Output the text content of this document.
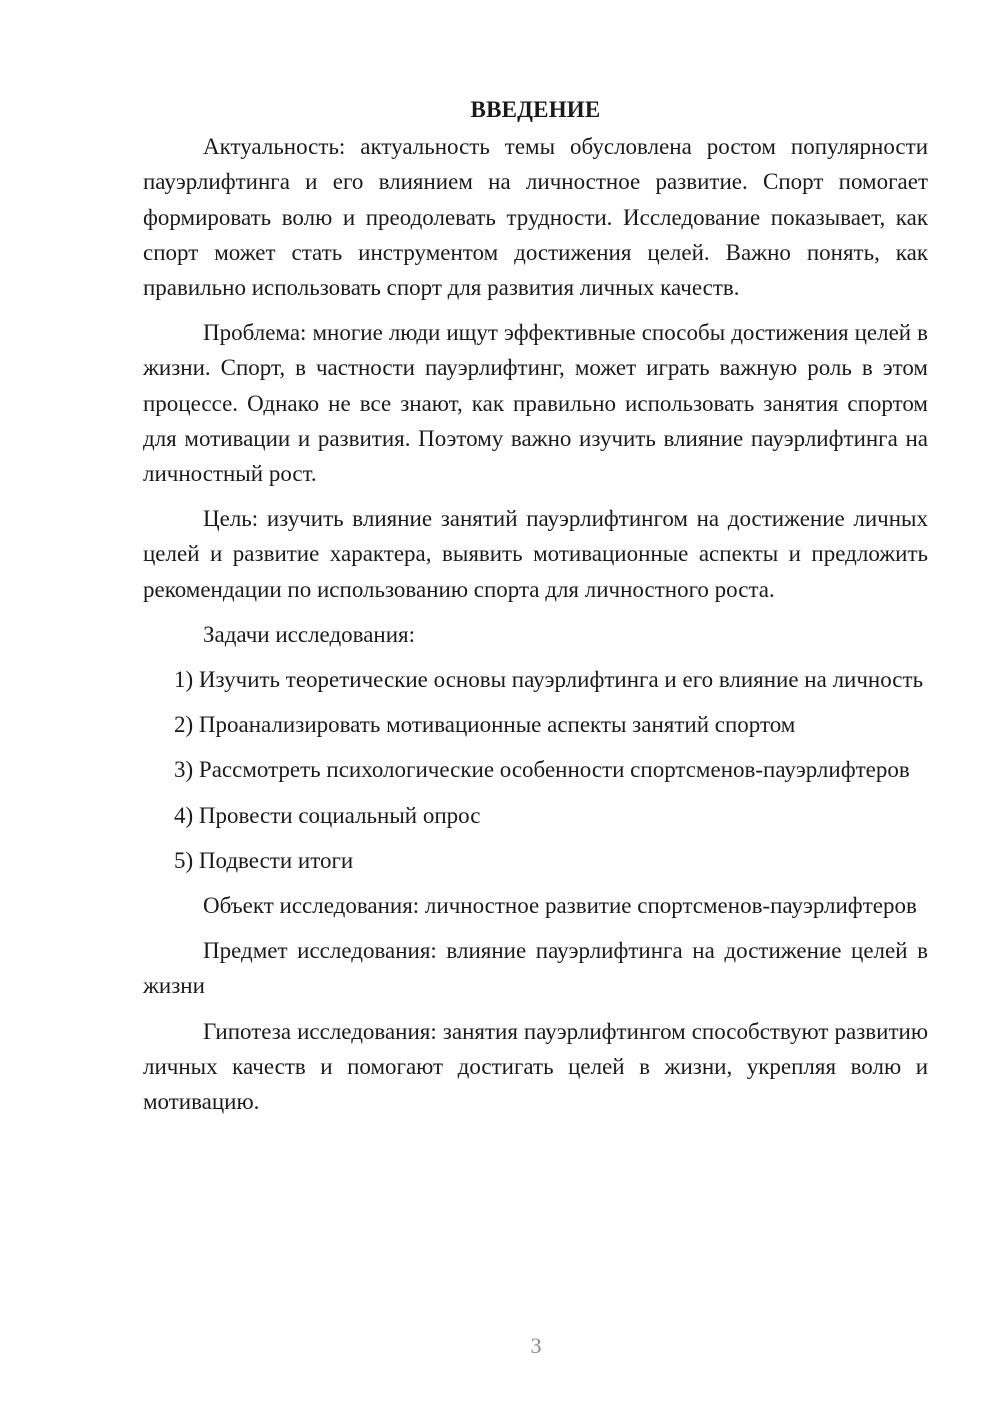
ВВЕДЕНИЕ

Актуальность: актуальность темы обусловлена ростом популярности пауэрлифтинга и его влиянием на личностное развитие. Спорт помогает формировать волю и преодолевать трудности. Исследование показывает, как спорт может стать инструментом достижения целей. Важно понять, как правильно использовать спорт для развития личных качеств.

Проблема: многие люди ищут эффективные способы достижения целей в жизни. Спорт, в частности пауэрлифтинг, может играть важную роль в этом процессе. Однако не все знают, как правильно использовать занятия спортом для мотивации и развития. Поэтому важно изучить влияние пауэрлифтинга на личностный рост.

Цель: изучить влияние занятий пауэрлифтингом на достижение личных целей и развитие характера, выявить мотивационные аспекты и предложить рекомендации по использованию спорта для личностного роста.

Задачи исследования:

1) Изучить теоретические основы пауэрлифтинга и его влияние на личность

2) Проанализировать мотивационные аспекты занятий спортом

3) Рассмотреть психологические особенности спортсменов-пауэрлифтеров

4) Провести социальный опрос

5) Подвести итоги

Объект исследования: личностное развитие спортсменов-пауэрлифтеров

Предмет исследования: влияние пауэрлифтинга на достижение целей в жизни

Гипотеза исследования: занятия пауэрлифтингом способствуют развитию личных качеств и помогают достигать целей в жизни, укрепляя волю и мотивацию.

3
